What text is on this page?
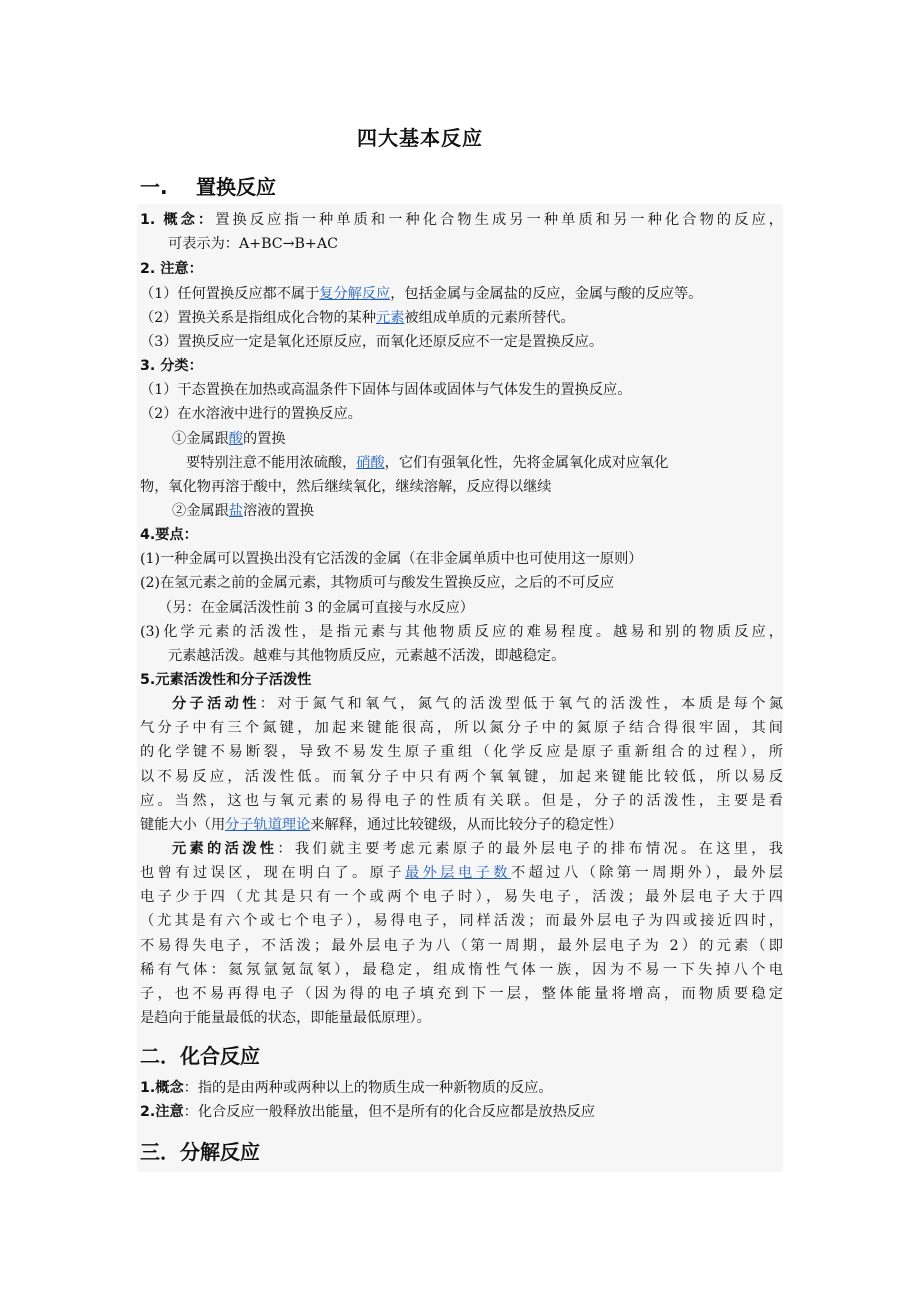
四大基本反应
一. 置换反应
1. 概念：置换反应指一种单质和一种化合物生成另一种单质和另一种化合物的反应，
可表示为：A+BC→B+AC
2. 注意：
（1）任何置换反应都不属于复分解反应，包括金属与金属盐的反应，金属与酸的反应等。
（2）置换关系是指组成化合物的某种元素被组成单质的元素所替代。
（3）置换反应一定是氧化还原反应，而氧化还原反应不一定是置换反应。
3. 分类：
（1）干态置换在加热或高温条件下固体与固体或固体与气体发生的置换反应。
（2）在水溶液中进行的置换反应。
①金属跟酸的置换
要特别注意不能用浓硫酸，硝酸，它们有强氧化性，先将金属氧化成对应氧化
物，氧化物再溶于酸中，然后继续氧化，继续溶解，反应得以继续
②金属跟盐溶液的置换
4.要点：
(1)一种金属可以置换出没有它活泼的金属（在非金属单质中也可使用这一原则）
(2)在氢元素之前的金属元素，其物质可与酸发生置换反应，之后的不可反应
（另：在金属活泼性前 3 的金属可直接与水反应）
(3)化学元素的活泼性，是指元素与其他物质反应的难易程度。越易和别的物质反应，
元素越活泼。越难与其他物质反应，元素越不活泼，即越稳定。
5.元素活泼性和分子活泼性
分子活动性：对于氮气和氧气，氮气的活泼型低于氧气的活泼性，本质是每个氮
气分子中有三个氮键，加起来键能很高，所以氮分子中的氮原子结合得很牢固，其间
的化学键不易断裂，导致不易发生原子重组（化学反应是原子重新组合的过程），所
以不易反应，活泼性低。而氧分子中只有两个氧氧键，加起来键能比较低，所以易反
应。当然，这也与氧元素的易得电子的性质有关联。但是，分子的活泼性，主要是看
键能大小（用分子轨道理论来解释，通过比较键级，从而比较分子的稳定性）
元素的活泼性：我们就主要考虑元素原子的最外层电子的排布情况。在这里，我
也曾有过误区，现在明白了。原子最外层电子数不超过八（除第一周期外），最外层
电子少于四（尤其是只有一个或两个电子时），易失电子，活泼；最外层电子大于四
（尤其是有六个或七个电子），易得电子，同样活泼；而最外层电子为四或接近四时，
不易得失电子，不活泼；最外层电子为八（第一周期，最外层电子为 2）的元素（即
稀有气体：氦氖氩氪氙氡），最稳定，组成惰性气体一族，因为不易一下失掉八个电
子，也不易再得电子（因为得的电子填充到下一层，整体能量将增高，而物质要稳定
是趋向于能量最低的状态，即能量最低原理）。
二．化合反应
1.概念：指的是由两种或两种以上的物质生成一种新物质的反应。
2.注意：化合反应一般释放出能量，但不是所有的化合反应都是放热反应
三．分解反应
